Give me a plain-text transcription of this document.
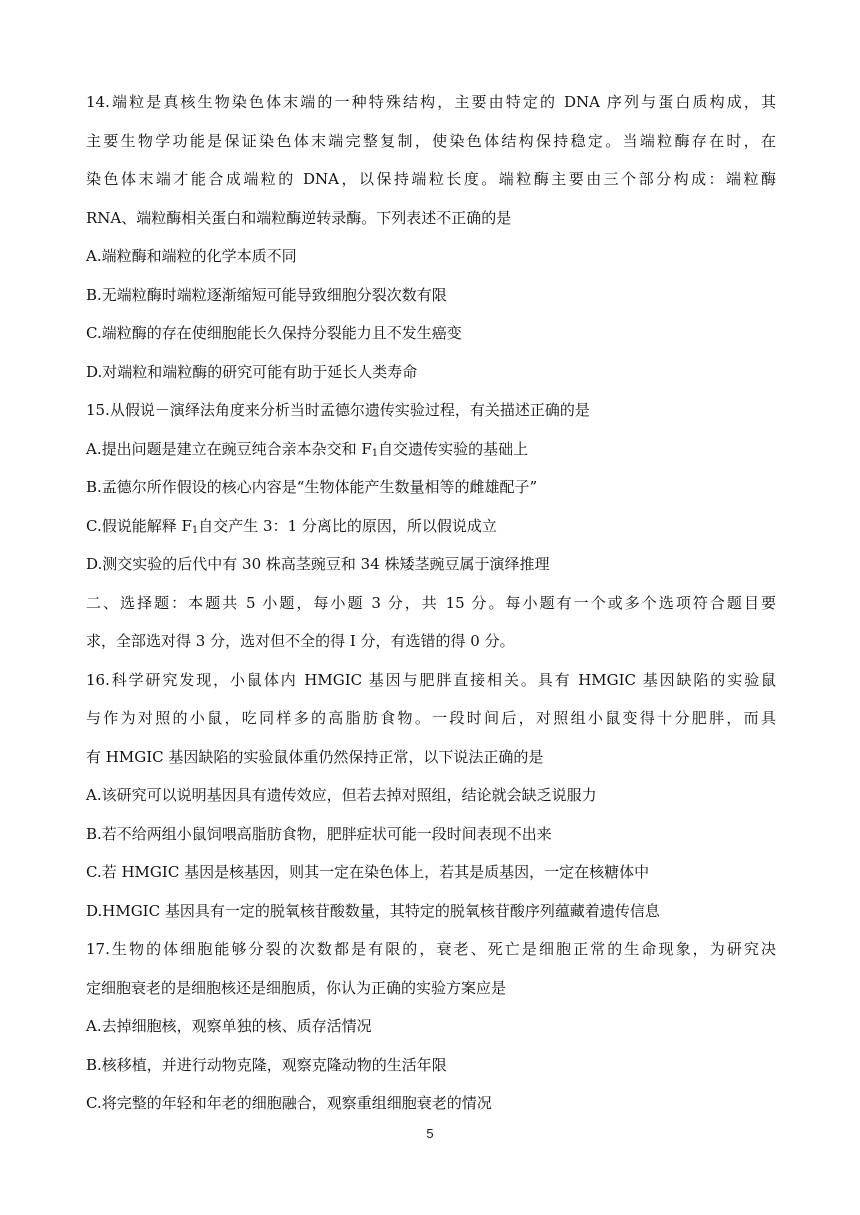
14.端粒是真核生物染色体末端的一种特殊结构，主要由特定的 DNA 序列与蛋白质构成，其
主要生物学功能是保证染色体末端完整复制，使染色体结构保持稳定。当端粒酶存在时，在
染色体末端才能合成端粒的 DNA，以保持端粒长度。端粒酶主要由三个部分构成：端粒酶
RNA、端粒酶相关蛋白和端粒酶逆转录酶。下列表述不正确的是
A.端粒酶和端粒的化学本质不同
B.无端粒酶时端粒逐渐缩短可能导致细胞分裂次数有限
C.端粒酶的存在使细胞能长久保持分裂能力且不发生癌变
D.对端粒和端粒酶的研究可能有助于延长人类寿命
15.从假说－演绎法角度来分析当时孟德尔遗传实验过程，有关描述正确的是
A.提出问题是建立在豌豆纯合亲本杂交和 $F_1$自交遗传实验的基础上
B.孟德尔所作假设的核心内容是“生物体能产生数量相等的雌雄配子”
C.假说能解释 $F_1$自交产生 3：1 分离比的原因，所以假说成立
D.测交实验的后代中有 30 株高茎豌豆和 34 株矮茎豌豆属于演绎推理
二、选择题：本题共 5 小题，每小题 3 分，共 15 分。每小题有一个或多个选项符合题目要
求，全部选对得 3 分，选对但不全的得 I 分，有选错的得 0 分。
16.科学研究发现，小鼠体内 HMGIC 基因与肥胖直接相关。具有 HMGIC 基因缺陷的实验鼠
与作为对照的小鼠，吃同样多的高脂肪食物。一段时间后，对照组小鼠变得十分肥胖，而具
有 HMGIC 基因缺陷的实验鼠体重仍然保持正常，以下说法正确的是
A.该研究可以说明基因具有遗传效应，但若去掉对照组，结论就会缺乏说服力
B.若不给两组小鼠饲喂高脂肪食物，肥胖症状可能一段时间表现不出来
C.若 HMGIC 基因是核基因，则其一定在染色体上，若其是质基因，一定在核糖体中
D.HMGIC 基因具有一定的脱氧核苷酸数量，其特定的脱氧核苷酸序列蕴藏着遗传信息
17.生物的体细胞能够分裂的次数都是有限的，衰老、死亡是细胞正常的生命现象，为研究决
定细胞衰老的是细胞核还是细胞质，你认为正确的实验方案应是
A.去掉细胞核，观察单独的核、质存活情况
B.核移植，并进行动物克隆，观察克隆动物的生活年限
C.将完整的年轻和年老的细胞融合，观察重组细胞衰老的情况
5
